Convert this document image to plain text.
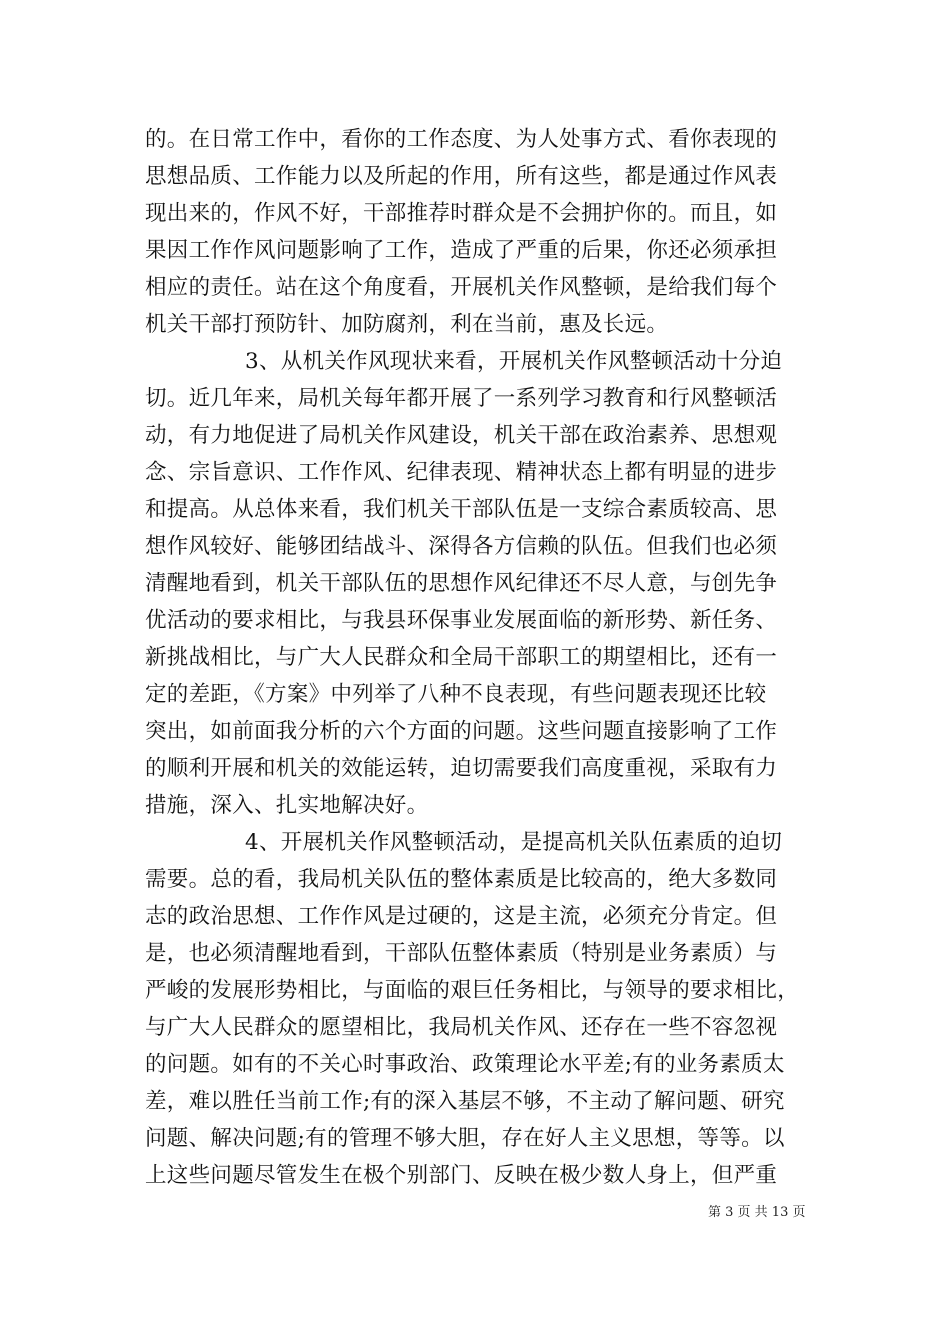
的。在日常工作中，看你的工作态度、为人处事方式、看你表现的
思想品质、工作能力以及所起的作用，所有这些，都是通过作风表
现出来的，作风不好，干部推荐时群众是不会拥护你的。而且，如
果因工作作风问题影响了工作，造成了严重的后果，你还必须承担
相应的责任。站在这个角度看，开展机关作风整顿，是给我们每个
机关干部打预防针、加防腐剂，利在当前，惠及长远。
3、从机关作风现状来看，开展机关作风整顿活动十分迫
切。近几年来，局机关每年都开展了一系列学习教育和行风整顿活
动，有力地促进了局机关作风建设，机关干部在政治素养、思想观
念、宗旨意识、工作作风、纪律表现、精神状态上都有明显的进步
和提高。从总体来看，我们机关干部队伍是一支综合素质较高、思
想作风较好、能够团结战斗、深得各方信赖的队伍。但我们也必须
清醒地看到，机关干部队伍的思想作风纪律还不尽人意，与创先争
优活动的要求相比，与我县环保事业发展面临的新形势、新任务、
新挑战相比，与广大人民群众和全局干部职工的期望相比，还有一
定的差距，《方案》中列举了八种不良表现，有些问题表现还比较
突出，如前面我分析的六个方面的问题。这些问题直接影响了工作
的顺利开展和机关的效能运转，迫切需要我们高度重视，采取有力
措施，深入、扎实地解决好。
4、开展机关作风整顿活动，是提高机关队伍素质的迫切
需要。总的看，我局机关队伍的整体素质是比较高的，绝大多数同
志的政治思想、工作作风是过硬的，这是主流，必须充分肯定。但
是，也必须清醒地看到，干部队伍整体素质（特别是业务素质）与
严峻的发展形势相比，与面临的艰巨任务相比，与领导的要求相比，
与广大人民群众的愿望相比，我局机关作风、还存在一些不容忽视
的问题。如有的不关心时事政治、政策理论水平差;有的业务素质太
差，难以胜任当前工作;有的深入基层不够，不主动了解问题、研究
问题、解决问题;有的管理不够大胆，存在好人主义思想，等等。以
上这些问题尽管发生在极个别部门、反映在极少数人身上，但严重
第 3 页 共 13 页
